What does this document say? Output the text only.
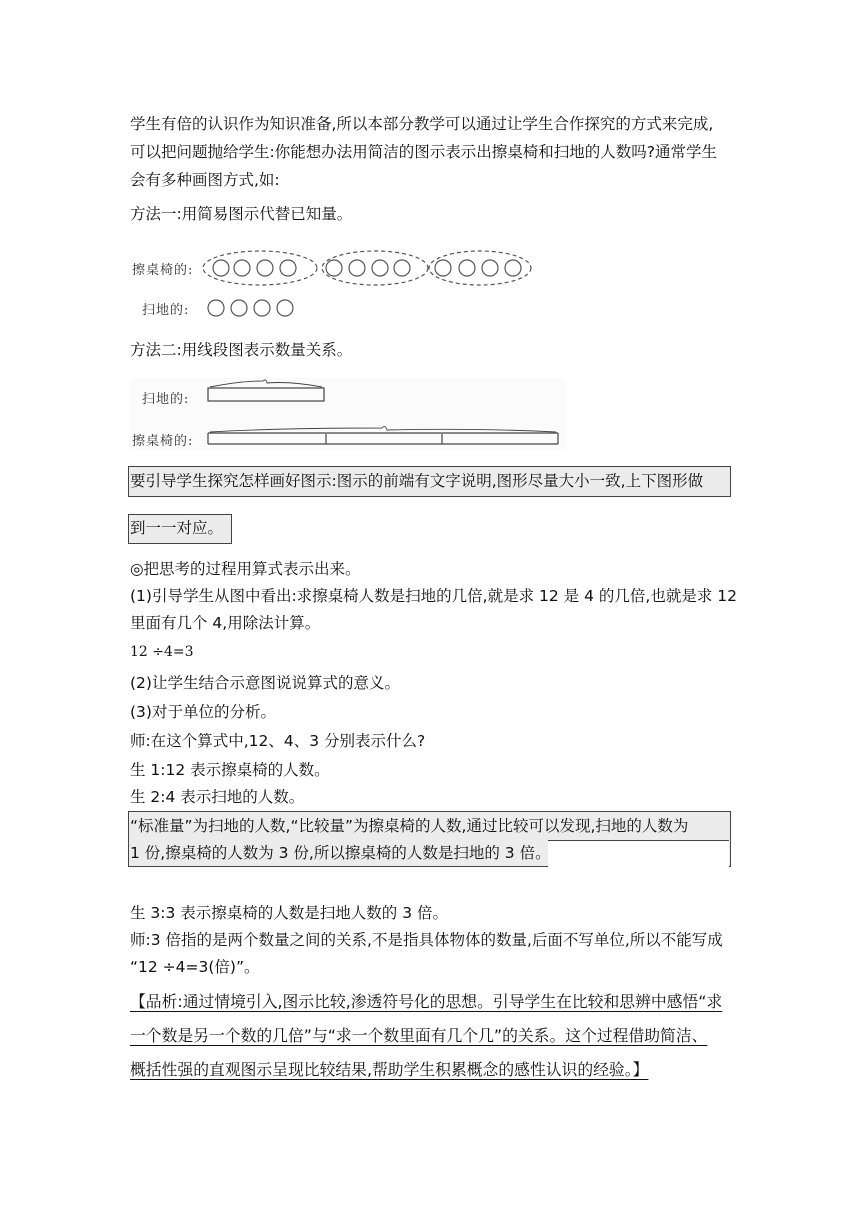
学生有倍的认识作为知识准备,所以本部分教学可以通过让学生合作探究的方式来完成,
可以把问题抛给学生:你能想办法用简洁的图示表示出擦桌椅和扫地的人数吗?通常学生
会有多种画图方式,如:
方法一:用简易图示代替已知量。
擦桌椅的:
扫地的:
方法二:用线段图表示数量关系。
扫地的:
擦桌椅的:
要引导学生探究怎样画好图示:图示的前端有文字说明,图形尽量大小一致,上下图形做
到一一对应。
◎把思考的过程用算式表示出来。
(1)引导学生从图中看出:求擦桌椅人数是扫地的几倍,就是求 12 是 4 的几倍,也就是求 12
里面有几个 4,用除法计算。
12 ÷4=3
(2)让学生结合示意图说说算式的意义。
(3)对于单位的分析。
师:在这个算式中,12、4、3 分别表示什么?
生 1:12 表示擦桌椅的人数。
生 2:4 表示扫地的人数。
“标准量”为扫地的人数,“比较量”为擦桌椅的人数,通过比较可以发现,扫地的人数为
1 份,擦桌椅的人数为 3 份,所以擦桌椅的人数是扫地的 3 倍。
生 3:3 表示擦桌椅的人数是扫地人数的 3 倍。
师:3 倍指的是两个数量之间的关系,不是指具体物体的数量,后面不写单位,所以不能写成
“12 ÷4=3(倍)”。
【品析:通过情境引入,图示比较,渗透符号化的思想。引导学生在比较和思辨中感悟“求
一个数是另一个数的几倍”与“求一个数里面有几个几”的关系。这个过程借助简洁、
概括性强的直观图示呈现比较结果,帮助学生积累概念的感性认识的经验。】
